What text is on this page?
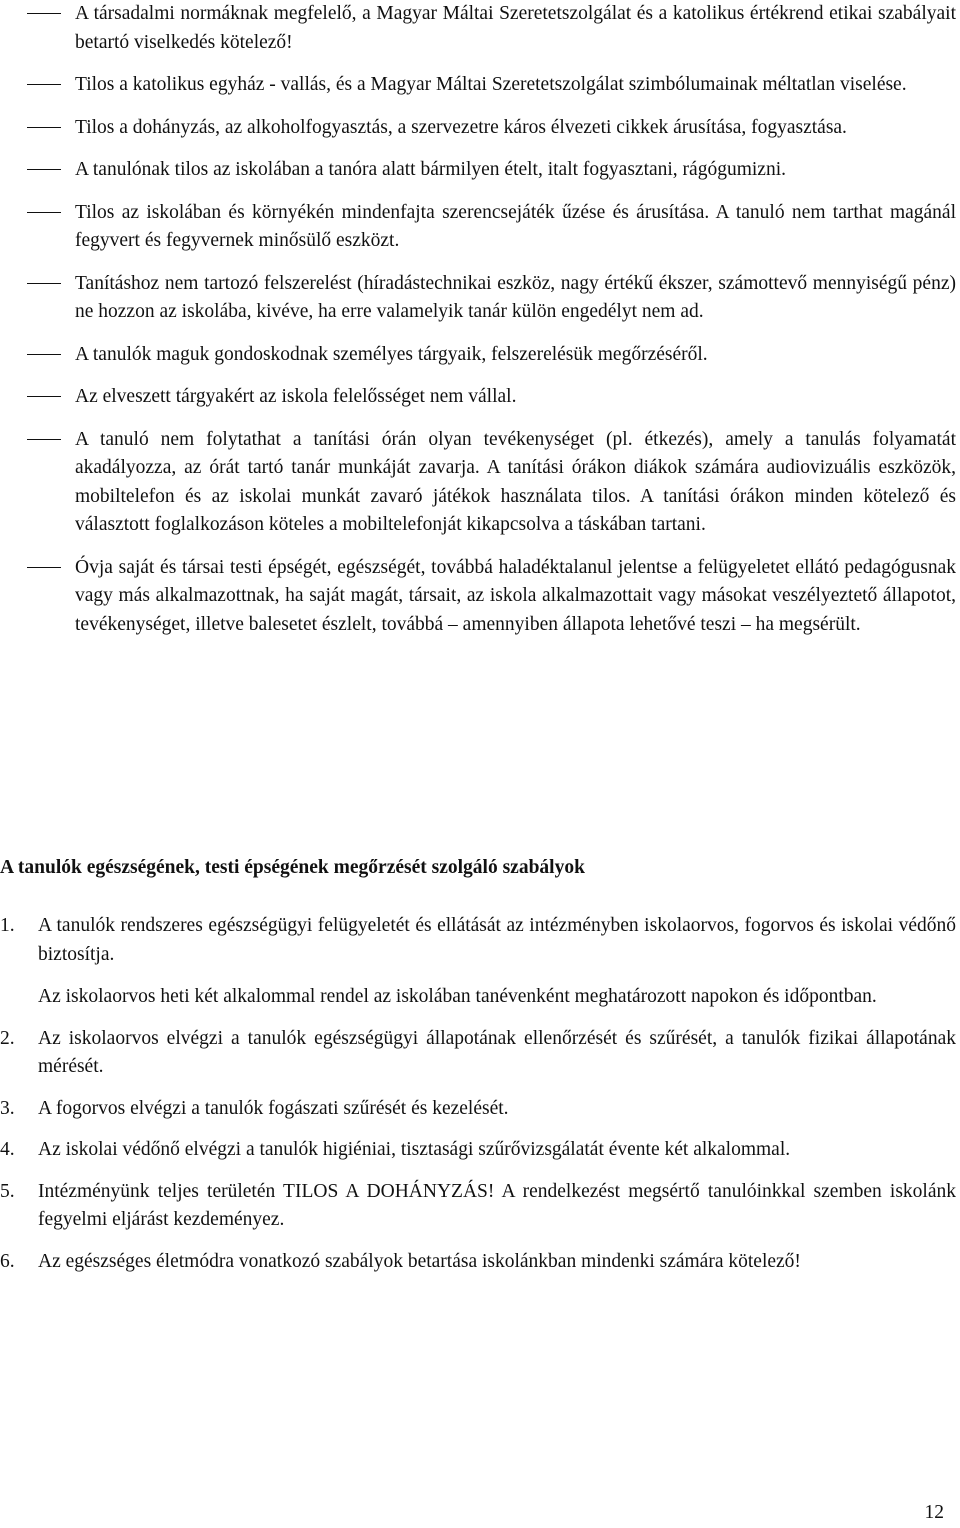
A társadalmi normáknak megfelelő, a Magyar Máltai Szeretetszolgálat és a katolikus értékrend etikai szabályait betartó viselkedés kötelező!
Tilos a katolikus egyház - vallás, és a Magyar Máltai Szeretetszolgálat szimbólumainak méltatlan viselése.
Tilos a dohányzás, az alkoholfogyasztás, a szervezetre káros élvezeti cikkek árusítása, fogyasztása.
A tanulónak tilos az iskolában a tanóra alatt bármilyen ételt, italt fogyasztani, rágógumizni.
Tilos az iskolában és környékén mindenfajta szerencsejáték űzése és árusítása. A tanuló nem tarthat magánál fegyvert és fegyvernek minősülő eszközt.
Tanításhoz nem tartozó felszerelést (híradástechnikai eszköz, nagy értékű ékszer, számottevő mennyiségű pénz) ne hozzon az iskolába, kivéve, ha erre valamelyik tanár külön engedélyt nem ad.
A tanulók maguk gondoskodnak személyes tárgyaik, felszerelésük megőrzéséről.
Az elveszett tárgyakért az iskola felelősséget nem vállal.
A tanuló nem folytathat a tanítási órán olyan tevékenységet (pl. étkezés), amely a tanulás folyamatát akadályozza, az órát tartó tanár munkáját zavarja. A tanítási órákon diákok számára audiovizuális eszközök, mobiltelefon és az iskolai munkát zavaró játékok használata tilos. A tanítási órákon minden kötelező és választott foglalkozáson köteles a mobiltelefonját kikapcsolva a táskában tartani.
Óvja saját és társai testi épségét, egészségét, továbbá haladéktalanul jelentse a felügyeletet ellátó pedagógusnak vagy más alkalmazottnak, ha saját magát, társait, az iskola alkalmazottait vagy másokat veszélyeztető állapotot, tevékenységet, illetve balesetet észlelt, továbbá – amennyiben állapota lehetővé teszi – ha megsérült.
A tanulók egészségének, testi épségének megőrzését szolgáló szabályok
1. A tanulók rendszeres egészségügyi felügyeletét és ellátását az intézményben iskolaorvos, fogorvos és iskolai védőnő biztosítja.

Az iskolaorvos heti két alkalommal rendel az iskolában tanévenként meghatározott napokon és időpontban.

2. Az iskolaorvos elvégzi a tanulók egészségügyi állapotának ellenőrzését és szűrését, a tanulók fizikai állapotának mérését.

3. A fogorvos elvégzi a tanulók fogászati szűrését és kezelését.

4. Az iskolai védőnő elvégzi a tanulók higiéniai, tisztasági szűrővizsgálatát évente két alkalommal.

5. Intézményünk teljes területén TILOS A DOHÁNYZÁS! A rendelkezést megsértő tanulóinkkal szemben iskolánk fegyelmi eljárást kezdeményez.

6. Az egészséges életmódra vonatkozó szabályok betartása iskolánkban mindenki számára kötelező!

12
